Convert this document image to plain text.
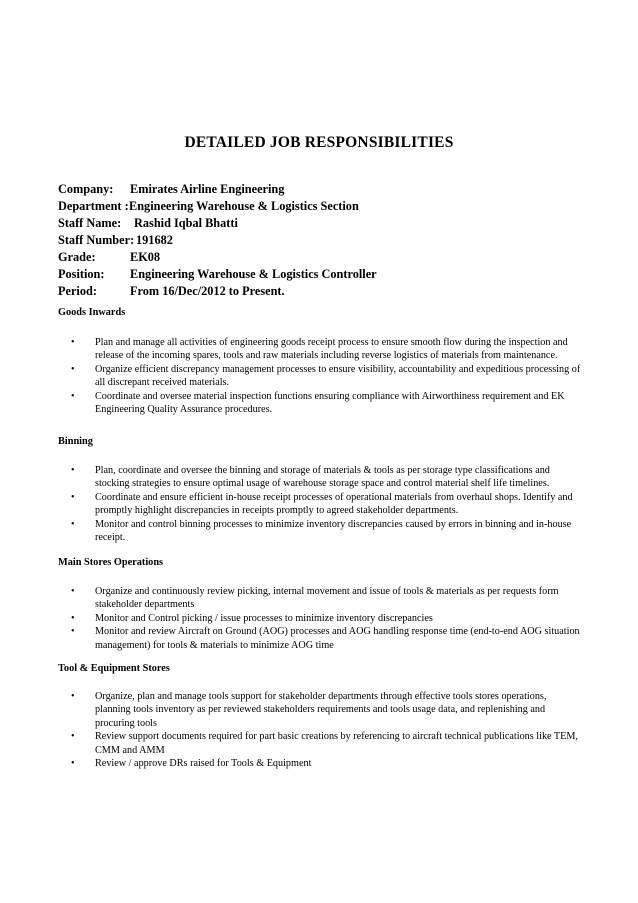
DETAILED JOB RESPONSIBILITIES
Company: Emirates Airline Engineering
Department : Engineering Warehouse & Logistics Section
Staff Name: Rashid Iqbal Bhatti
Staff Number: 191682
Grade:	EK08
Position: Engineering Warehouse & Logistics Controller
Period:	From 16/Dec/2012 to Present.
Goods Inwards
• Plan and manage all activities of engineering goods receipt process to ensure smooth flow during the inspection and release of the incoming spares, tools and raw materials including reverse logistics of materials from maintenance.
• Organize efficient discrepancy management processes to ensure visibility, accountability and expeditious processing of all discrepant received materials.
• Coordinate and oversee material inspection functions ensuring compliance with Airworthiness requirement and EK Engineering Quality Assurance procedures.
Binning
• Plan, coordinate and oversee the binning and storage of materials & tools as per storage type classifications and stocking strategies to ensure optimal usage of warehouse storage space and control material shelf life timelines.
• Coordinate and ensure efficient in-house receipt processes of operational materials from overhaul shops. Identify and promptly highlight discrepancies in receipts promptly to agreed stakeholder departments.
• Monitor and control binning processes to minimize inventory discrepancies caused by errors in binning and in-house receipt.
Main Stores Operations
• Organize and continuously review picking, internal movement and issue of tools & materials as per requests form stakeholder departments
• Monitor and Control picking / issue processes to minimize inventory discrepancies
• Monitor and review Aircraft on Ground (AOG) processes and AOG handling response time (end-to-end AOG situation management) for tools & materials to minimize AOG time
Tool & Equipment Stores
• Organize, plan and manage tools support for stakeholder departments through effective tools stores operations, planning tools inventory as per reviewed stakeholders requirements and tools usage data, and replenishing and procuring tools
• Review support documents required for part basic creations by referencing to aircraft technical publications like TEM, CMM and AMM
• Review / approve DRs raised for Tools & Equipment
